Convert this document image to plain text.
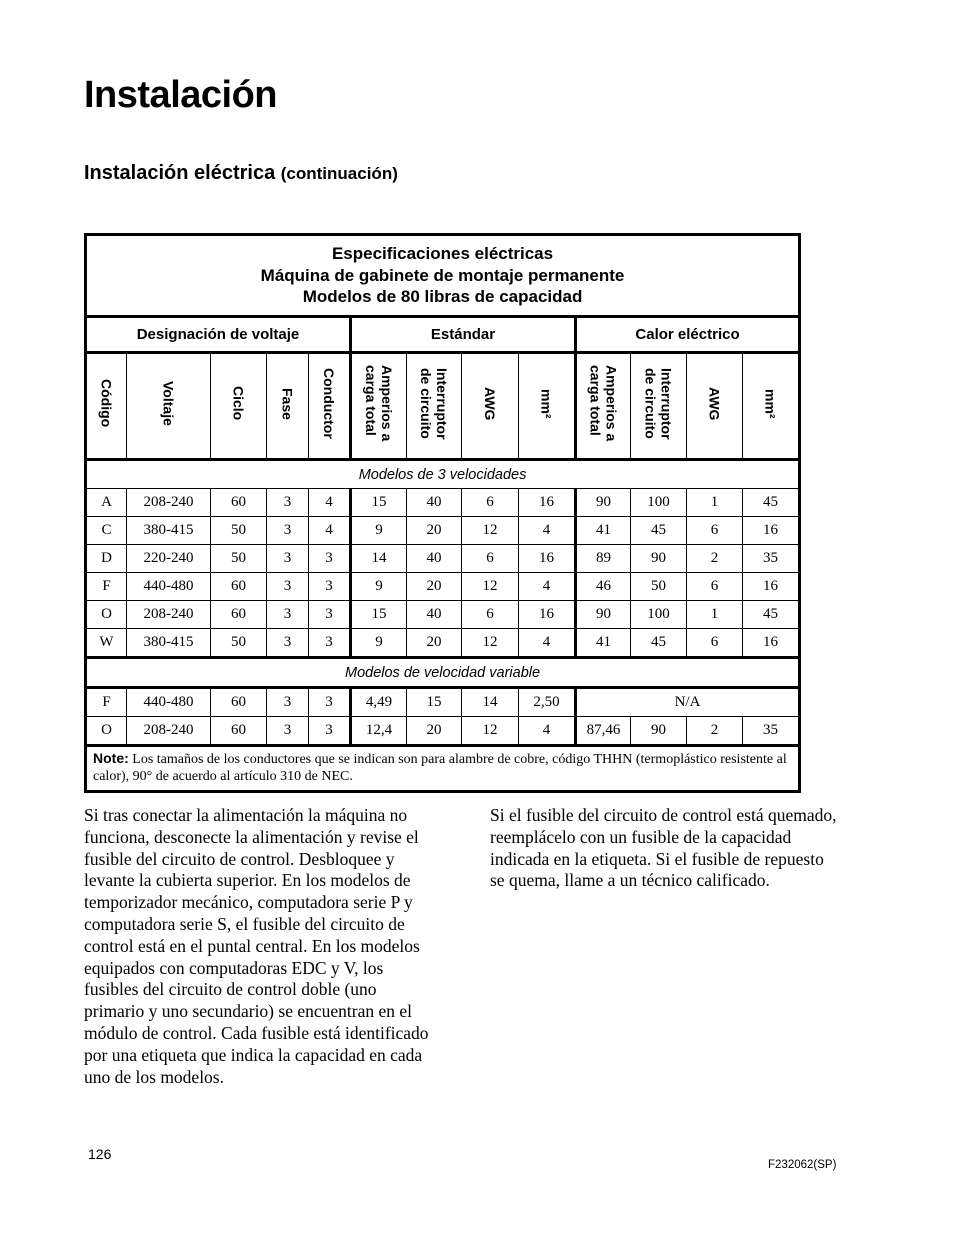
Instalación
Instalación eléctrica (continuación)
Especificaciones eléctricas
Máquina de gabinete de montaje permanente
Modelos de 80 libras de capacidad												

Designación de voltaje					Estándar				Calor eléctrico			
Código	Voltaje	Ciclo	Fase	Conductor	Amperios a
carga total	Interruptor
de circuito	AWG	mm²	Amperios a
carga total	Interruptor
de circuito	AWG	mm²
Modelos de 3 velocidades												
A	208-240	60	3	4	15	40	6	16	90	100	1	45
C	380-415	50	3	4	9	20	12	4	41	45	6	16
D	220-240	50	3	3	14	40	6	16	89	90	2	35
F	440-480	60	3	3	9	20	12	4	46	50	6	16
O	208-240	60	3	3	15	40	6	16	90	100	1	45
W	380-415	50	3	3	9	20	12	4	41	45	6	16
Modelos de velocidad variable												
F	440-480	60	3	3	4,49	15	14	2,50	N/A			
O	208-240	60	3	3	12,4	20	12	4	87,46	90	2	35
Note: Los tamaños de los conductores que se indican son para alambre de cobre, código THHN (termoplástico resistente al calor), 90° de acuerdo al artículo 310 de NEC.												

Si tras conectar la alimentación la máquina no funciona, desconecte la alimentación y revise el fusible del circuito de control. Desbloquee y levante la cubierta superior. En los modelos de temporizador mecánico, computadora serie P y computadora serie S, el fusible del circuito de control está en el puntal central. En los modelos equipados con computadoras EDC y V, los fusibles del circuito de control doble (uno primario y uno secundario) se encuentran en el módulo de control. Cada fusible está identificado por una etiqueta que indica la capacidad en cada uno de los modelos.

Si el fusible del circuito de control está quemado, reemplácelo con un fusible de la capacidad indicada en la etiqueta. Si el fusible de repuesto se quema, llame a un técnico calificado.

126
F232062(SP)
